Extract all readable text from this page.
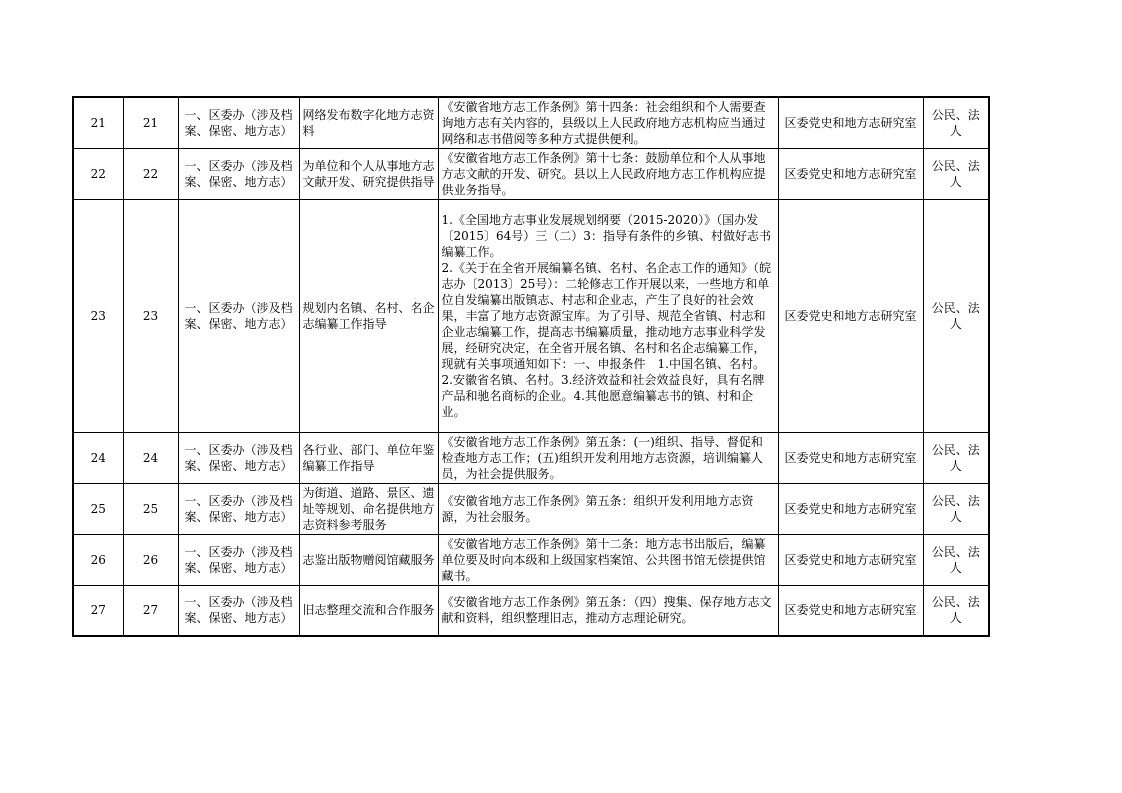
21	21	一、区委办（涉及档案、保密、地方志）	网络发布数字化地方志资料	《安徽省地方志工作条例》第十四条：社会组织和个人需要查询地方志有关内容的，县级以上人民政府地方志机构应当通过网络和志书借阅等多种方式提供便利。	区委党史和地方志研究室	公民、法人
22	22	一、区委办（涉及档案、保密、地方志）	为单位和个人从事地方志文献开发、研究提供指导	《安徽省地方志工作条例》第十七条：鼓励单位和个人从事地方志文献的开发、研究。县以上人民政府地方志工作机构应提供业务指导。	区委党史和地方志研究室	公民、法人
23	23	一、区委办（涉及档案、保密、地方志）	规划内名镇、名村、名企志编纂工作指导	1.《全国地方志事业发展规划纲要（2015-2020）》（国办发〔2015〕64号）三（二）3：指导有条件的乡镇、村做好志书编纂工作。
2.《关于在全省开展编纂名镇、名村、名企志工作的通知》（皖志办〔2013〕25号）：二轮修志工作开展以来，一些地方和单位自发编纂出版镇志、村志和企业志，产生了良好的社会效果，丰富了地方志资源宝库。为了引导、规范全省镇、村志和企业志编纂工作，提高志书编纂质量，推动地方志事业科学发展，经研究决定，在全省开展名镇、名村和名企志编纂工作，现就有关事项通知如下：一、申报条件　1.中国名镇、名村。2.安徽省名镇、名村。3.经济效益和社会效益良好，具有名牌产品和驰名商标的企业。4.其他愿意编纂志书的镇、村和企业。	区委党史和地方志研究室	公民、法人
24	24	一、区委办（涉及档案、保密、地方志）	各行业、部门、单位年鉴编纂工作指导	《安徽省地方志工作条例》第五条：(一)组织、指导、督促和检查地方志工作；(五)组织开发利用地方志资源，培训编纂人员，为社会提供服务。	区委党史和地方志研究室	公民、法人
25	25	一、区委办（涉及档案、保密、地方志）	为街道、道路、景区、遗址等规划、命名提供地方志资料参考服务	《安徽省地方志工作条例》第五条：组织开发利用地方志资源，为社会服务。	区委党史和地方志研究室	公民、法人
26	26	一、区委办（涉及档案、保密、地方志）	志鉴出版物赠阅馆藏服务	《安徽省地方志工作条例》第十二条：地方志书出版后，编纂单位要及时向本级和上级国家档案馆、公共图书馆无偿提供馆藏书。	区委党史和地方志研究室	公民、法人
27	27	一、区委办（涉及档案、保密、地方志）	旧志整理交流和合作服务	《安徽省地方志工作条例》第五条：（四）搜集、保存地方志文献和资料，组织整理旧志，推动方志理论研究。	区委党史和地方志研究室	公民、法人
